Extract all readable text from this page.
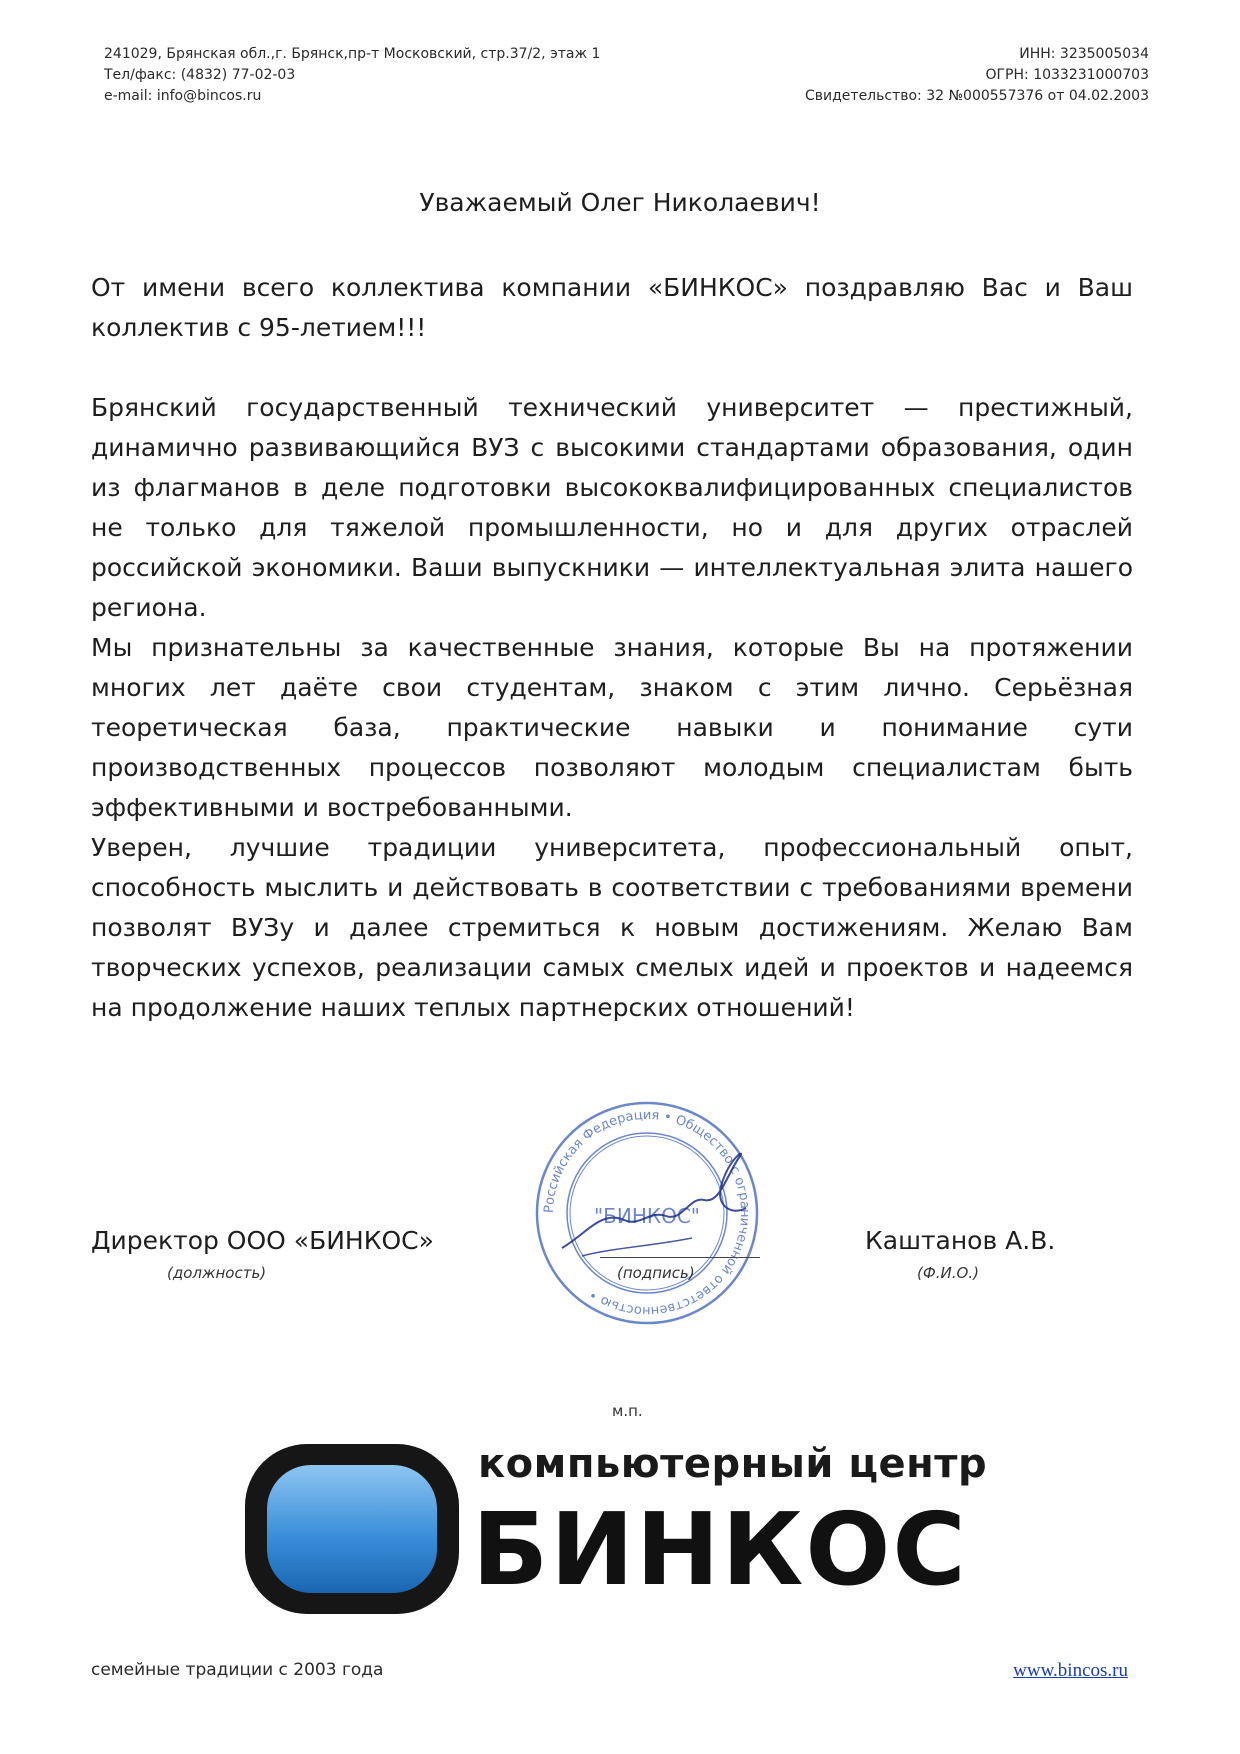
241029, Брянская обл.,г. Брянск,пр-т Московский, стр.37/2, этаж 1
Тел/факс: (4832) 77-02-03
e-mail: info@bincos.ru
ИНН: 3235005034
ОГРН: 1033231000703
Свидетельство: 32 №000557376 от 04.02.2003
Уважаемый Олег Николаевич!

От имени всего коллектива компании «БИНКОС» поздравляю Вас и Ваш коллектив с 95-летием!!!

Брянский государственный технический университет — престижный, динамично развивающийся ВУЗ с высокими стандартами образования, один из флагманов в деле подготовки высококвалифицированных специалистов не только для тяжелой промышленности, но и для других отраслей российской экономики. Ваши выпускники — интеллектуальная элита нашего региона.

Мы признательны за качественные знания, которые Вы на протяжении многих лет даёте свои студентам, знаком с этим лично. Серьёзная теоретическая база, практические навыки и понимание сути производственных процессов позволяют молодым специалистам быть эффективными и востребованными.

Уверен, лучшие традиции университета, профессиональный опыт, способность мыслить и действовать в соответствии с требованиями времени позволят ВУЗу и далее стремиться к новым достижениям. Желаю Вам творческих успехов, реализации самых смелых идей и проектов и надеемся на продолжение наших теплых партнерских отношений!

Российская Федерация • Общество с ограниченной ответственностью •
"БИНКОС"
Директор ООО «БИНКОС»
(должность)	(подпись)
Каштанов А.В.
(Ф.И.О.)
м.п.
компьютерный центр
БИНКОС
семейные традиции с 2003 года	www.bincos.ru
